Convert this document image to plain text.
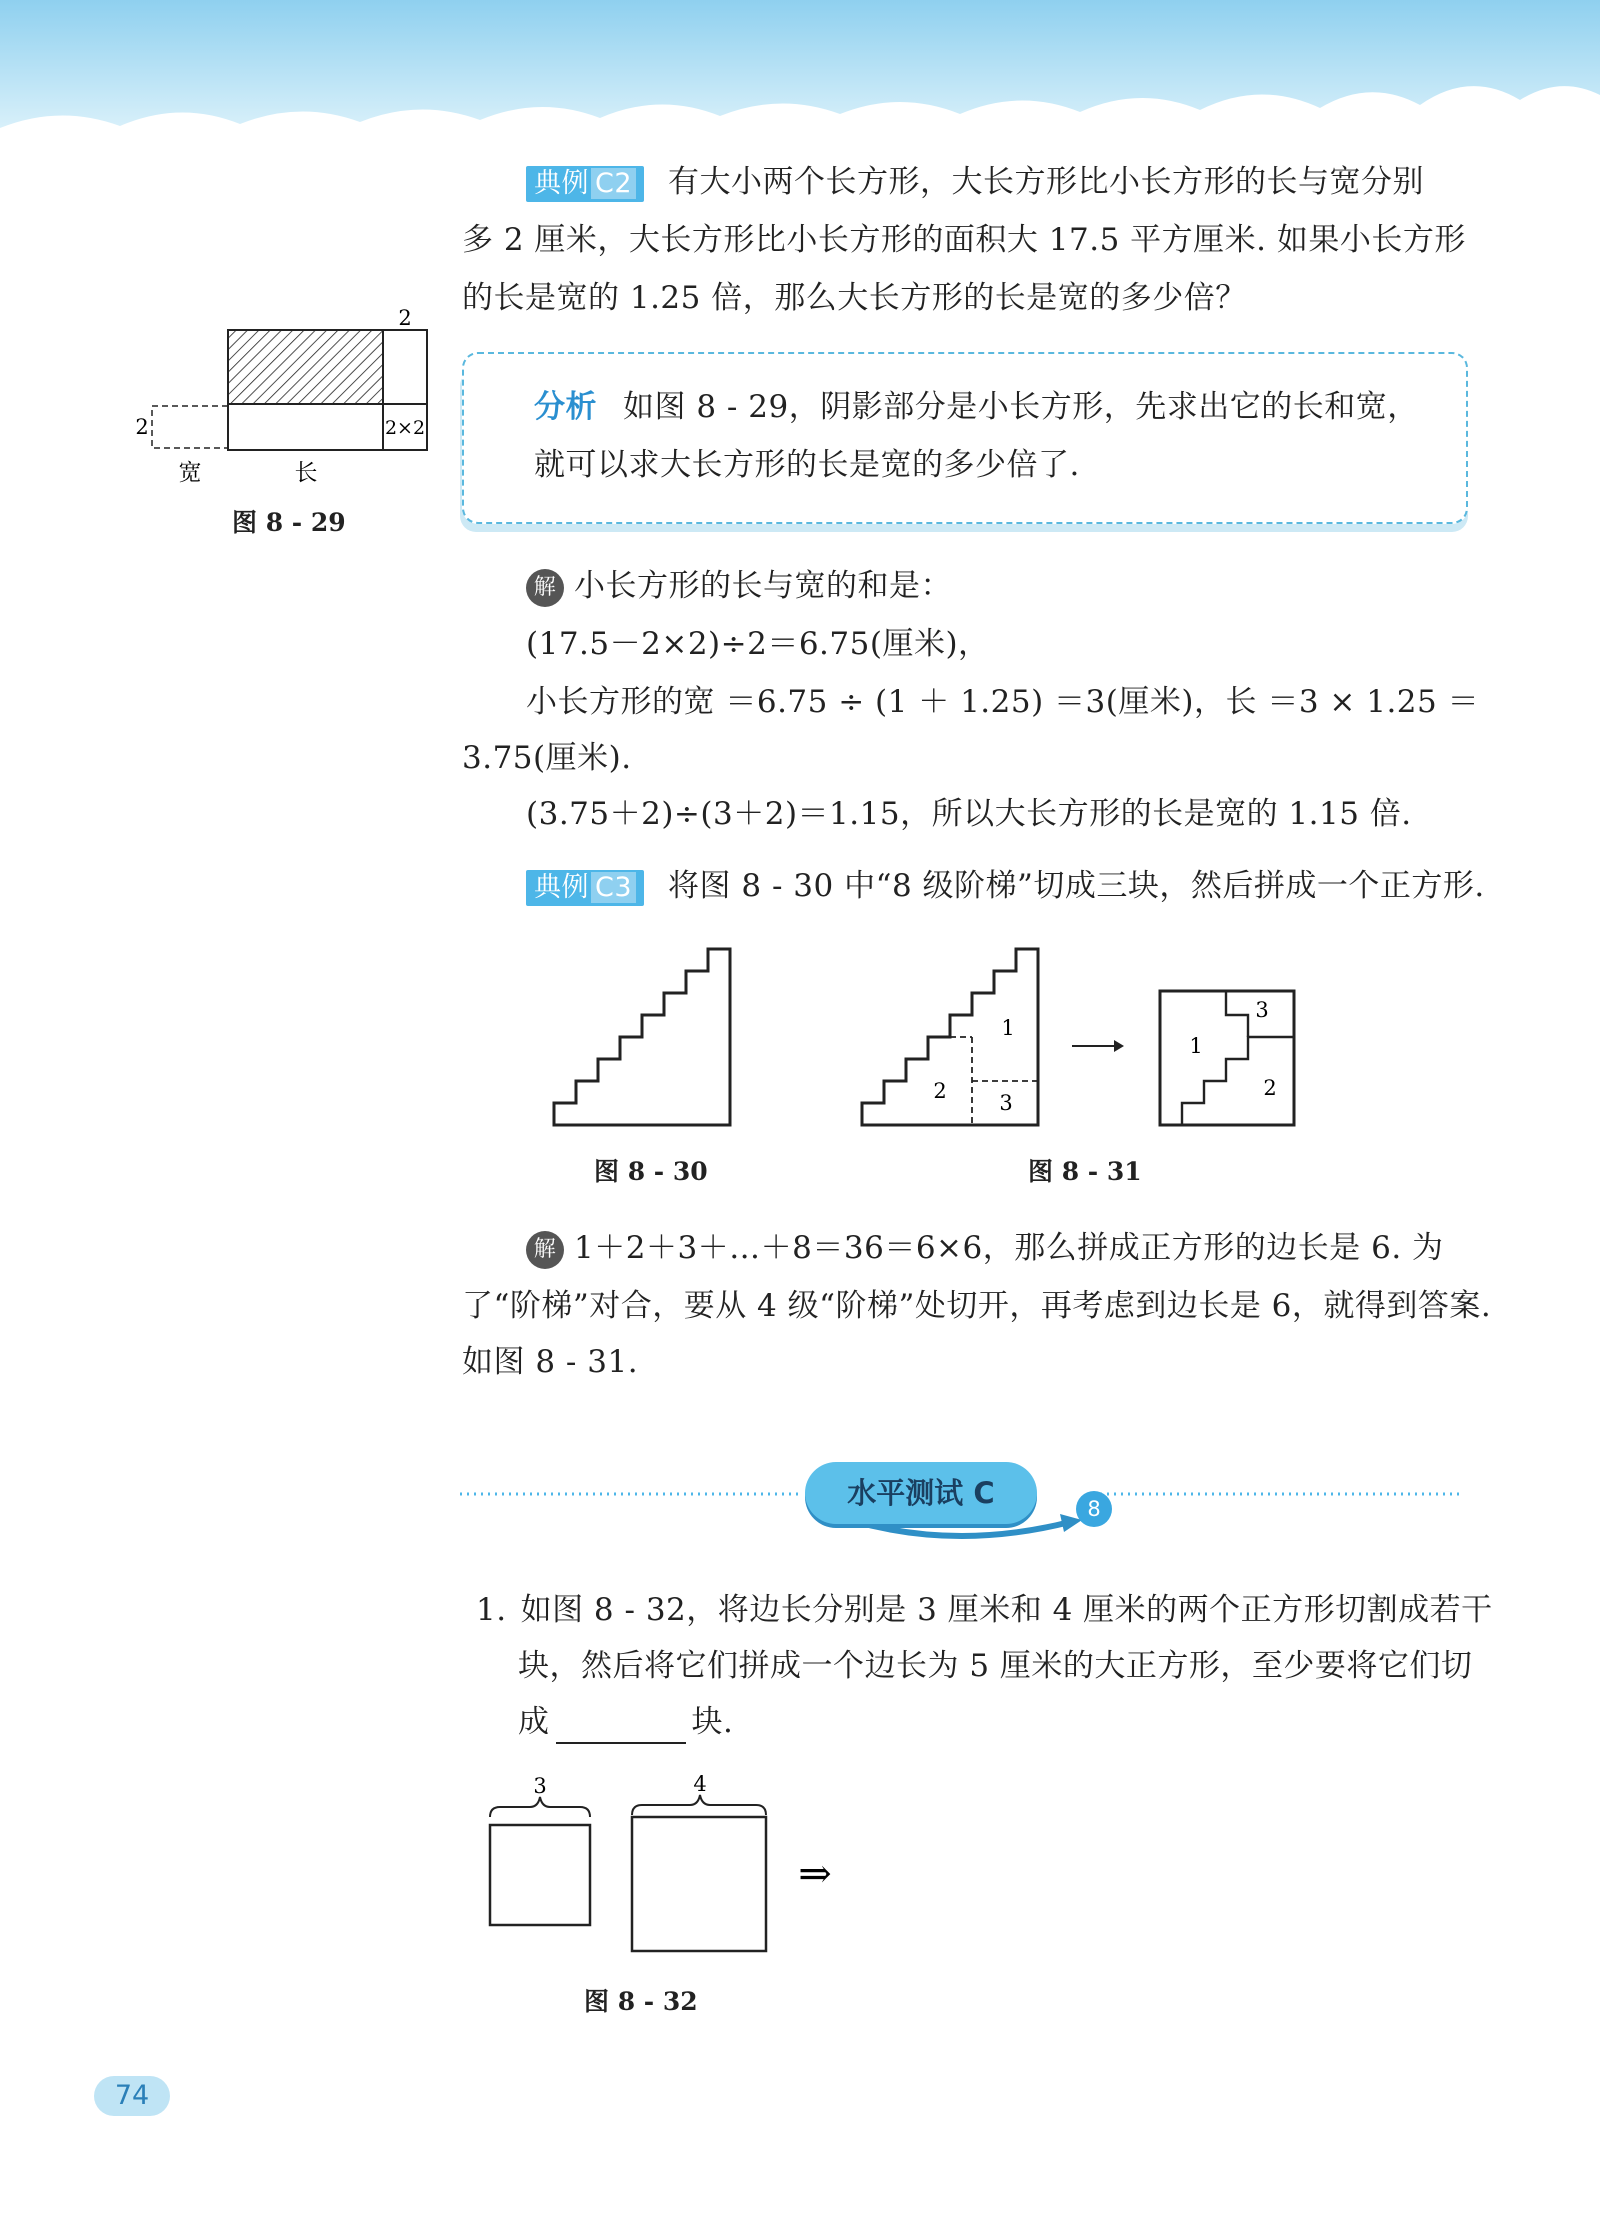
典例 C2 有大小两个长方形，大长方形比小长方形的长与宽分别
多 2 厘米，大长方形比小长方形的面积大 17.5 平方厘米. 如果小长方形
的长是宽的 1.25 倍，那么大长方形的长是宽的多少倍？
2
2	2×2
宽	长
图 8 - 29
分析 如图 8 - 29，阴影部分是小长方形，先求出它的长和宽，
就可以求大长方形的长是宽的多少倍了.
解 小长方形的长与宽的和是：
(17.5－2×2)÷2＝6.75(厘米)，
小长方形的宽 ＝6.75 ÷ (1 ＋ 1.25) ＝3(厘米)，长 ＝3 × 1.25 ＝
3.75(厘米).
(3.75＋2)÷(3＋2)＝1.15，所以大长方形的长是宽的 1.15 倍.
典例 C3 将图 8 - 30 中“8 级阶梯”切成三块，然后拼成一个正方形.
图 8 - 30
1
2	3
1
2
3
图 8 - 31
解 1＋2＋3＋…＋8＝36＝6×6，那么拼成正方形的边长是 6. 为
了“阶梯”对合，要从 4 级“阶梯”处切开，再考虑到边长是 6，就得到答案.
如图 8 - 31.
水平测试 C	8
1. 如图 8 - 32，将边长分别是 3 厘米和 4 厘米的两个正方形切割成若干
块，然后将它们拼成一个边长为 5 厘米的大正方形，至少要将它们切
成	块.
3	4
⇒
图 8 - 32
74
